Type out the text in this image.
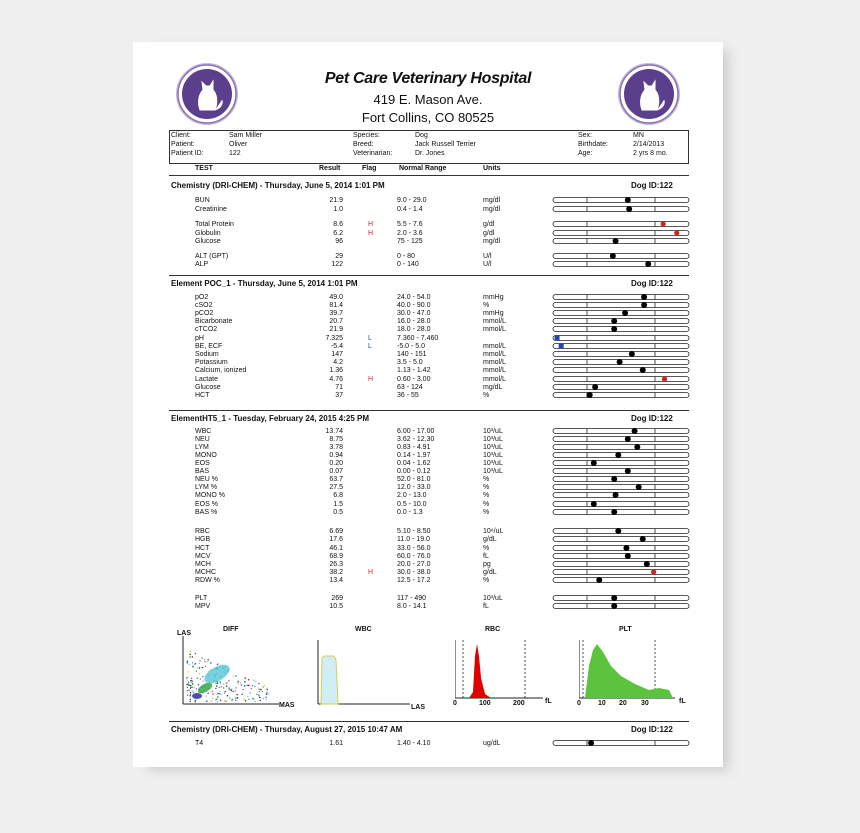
Pet Care Veterinary Hospital
419 E. Mason Ave.
Fort Collins, CO 80525
TEST	Result	Flag	Normal Range	Units
LAS
DIFF
MAS
WBC
LAS
RBC
fL
0	100	200
PLT
fL
0 10 20 30
Client:	Sam Miller
Patient:	Oliver
Patient ID:	122
Species:	Dog
Breed:	Jack Russell Terrier
Veterinarian:	Dr. Jones
Sex:	MN
Birthdate:	2/14/2013
Age:	2 yrs 8 mo.
Chemistry (DRI-CHEM) - Thursday, June 5, 2014 1:01 PM	Dog ID:122
BUN	21.9	9.0 - 29.0	mg/dl
Creatinine	1.0	0.4 - 1.4	mg/dl
Total Protein	8.6	H	5.5 - 7.6	g/dl
Globulin	6.2	H	2.0 - 3.6	g/dl
Glucose	96	75 - 125	mg/dl
ALT (GPT)	29	0 - 80	U/l
ALP	122	0 - 140	U/l
Element POC_1 - Thursday, June 5, 2014 1:01 PM	Dog ID:122
pO2	49.0	24.0 - 54.0	mmHg
cSO2	81.4	40.0 - 90.0	%
pCO2	39.7	30.0 - 47.0	mmHg
Bicarbonate	20.7	16.0 - 28.0	mmol/L
cTCO2	21.9	18.0 - 28.0	mmol/L
pH	7.325	L	7.360 - 7.460
BE, ECF	-5.4	L	-5.0 - 5.0	mmol/L
Sodium	147	140 - 151	mmol/L
Potassium	4.2	3.5 - 5.0	mmol/L
Calcium, ionized	1.36	1.13 - 1.42	mmol/L
Lactate	4.76	H	0.60 - 3.00	mmol/L
Glucose	71	63 - 124	mg/dL
HCT	37	36 - 55	%
ElementHT5_1 - Tuesday, February 24, 2015 4:25 PM	Dog ID:122
WBC	13.74	6.00 - 17.00	10³/uL
NEU	8.75	3.62 - 12.30	10³/uL
LYM	3.78	0.83 - 4.91	10³/uL
MONO	0.94	0.14 - 1.97	10³/uL
EOS	0.20	0.04 - 1.62	10³/uL
BAS	0.07	0.00 - 0.12	10³/uL
NEU %	63.7	52.0 - 81.0	%
LYM %	27.5	12.0 - 33.0	%
MONO %	6.8	2.0 - 13.0	%
EOS %	1.5	0.5 - 10.0	%
BAS %	0.5	0.0 - 1.3	%
RBC	6.69	5.10 - 8.50	10⁶/uL
HGB	17.6	11.0 - 19.0	g/dL
HCT	46.1	33.0 - 56.0	%
MCV	68.9	60.0 - 76.0	fL
MCH	26.3	20.0 - 27.0	pg
MCHC	38.2	H	30.0 - 38.0	g/dL
RDW %	13.4	12.5 - 17.2	%
PLT	269	117 - 490	10³/uL
MPV	10.5	8.0 - 14.1	fL
Chemistry (DRI-CHEM) - Thursday, August 27, 2015 10:47 AM	Dog ID:122
T4	1.61	1.40 - 4.10	ug/dL
